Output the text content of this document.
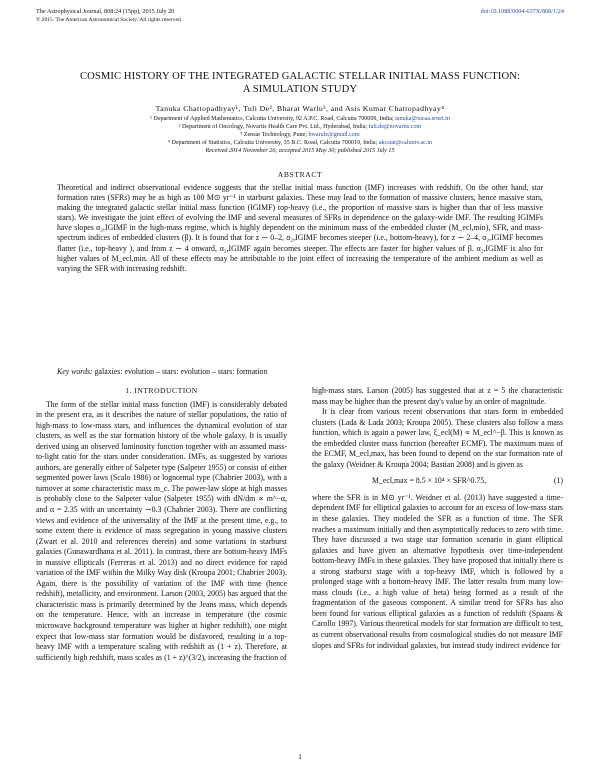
The Astrophysical Journal, 808:24 (15pp), 2015 July 20	doi:10.1088/0004-637X/808/1/24
© 2015. The American Astronomical Society. All rights reserved.
COSMIC HISTORY OF THE INTEGRATED GALACTIC STELLAR INITIAL MASS FUNCTION:
A SIMULATION STUDY
Tanuka Chattopadhyay¹, Tuli De², Bharat Warlu³, and Asis Kumar Chattopadhyay⁴
¹ Department of Applied Mathematics, Calcutta University, 92 A.P.C. Road, Calcutta 700009, India; tanuka@iucaa.ernet.in
² Department of Oncology, Novartis Health Care Pvt. Ltd., Hyderabad, India; tuli.de@novartis.com
³ Zensar Technology, Pune; bwarule@gmail.com
⁴ Department of Statistics, Calcutta University, 35 B.C. Road, Calcutta 700019, India; akcstat@caluniv.ac.in
Received 2014 November 26; accepted 2015 May 30; published 2015 July 15
ABSTRACT

Theoretical and indirect observational evidence suggests that the stellar initial mass function (IMF) increases with redshift. On the other hand, star formation rates (SFRs) may be as high as 100 M⊙ yr⁻¹ in starburst galaxies. These may lead to the formation of massive clusters, hence massive stars, making the integrated galactic stellar initial mass function (IGIMF) top-heavy (i.e., the proportion of massive stars is higher than that of less massive stars). We investigate the joint effect of evolving the IMF and several measures of SFRs in dependence on the galaxy-wide IMF. The resulting IGIMFs have slopes α₂,IGIMF in the high-mass regime, which is highly dependent on the minimum mass of the embedded cluster (M_ecl,min), SFR, and mass-spectrum indices of embedded clusters (β). It is found that for z ∼ 0–2, α₂,IGIMF becomes steeper (i.e., bottom-heavy), for z ∼ 2–4, α₂,IGIMF becomes flatter (i.e., top-heavy ), and from z ∼ 4 onward, α₂,IGIMF again becomes steeper. The effects are faster for higher values of β. α₂,IGIMF is also for higher values of M_ecl,min. All of these effects may be attributable to the joint effect of increasing the temperature of the ambient medium as well as varying the SFR with increasing redshift.

Key words: galaxies: evolution – stars: evolution – stars: formation
1. INTRODUCTION

The form of the stellar initial mass function (IMF) is considerably debated in the present era, as it describes the nature of stellar populations, the ratio of high-mass to low-mass stars, and influences the dynamical evolution of star clusters, as well as the star formation history of the whole galaxy. It is usually derived using an observed luminosity function together with an assumed mass-to-light ratio for the stars under consideration. IMFs, as suggested by various authors, are generally either of Salpeter type (Salpeter 1955) or consist of either segmented power laws (Scalo 1986) or lognormal type (Chabrier 2003), with a turnover at some characteristic mass m_c. The power-law slope at high masses is probably close to the Salpeter value (Salpeter 1955) with dN/dm ∝ m^−α, and α = 2.35 with an uncertainty ∼0.3 (Chabrier 2003). There are conflicting views and evidence of the universality of the IMF at the present time, e.g., to some extent there is evidence of mass segregation in young massive clusters (Zwart et al. 2010 and references therein) and some variations in starburst galaxies (Gunawardhana et al. 2011). In contrast, there are bottom-heavy IMFs in massive ellipticals (Ferreras et al. 2013) and no direct evidence for rapid variation of the IMF within the Milky Way disk (Kroupa 2001; Chabrier 2003). Again, there is the possibility of variation of the IMF with time (hence redshift), metallicity, and environment. Larson (2003, 2005) has argued that the characteristic mass is primarily determined by the Jeans mass, which depends on the temperature. Hence, with an increase in temperature (the cosmic microwave background temperature was higher at higher redshift), one might expect that low-mass star formation would be disfavored, resulting in a top-heavy IMF with a temperature scaling with redshift as (1 + z). Therefore, at sufficiently high redshift, mass scales as (1 + z)^(3/2), increasing the fraction of

high-mass stars. Larson (2005) has suggested that at z = 5 the characteristic mass may be higher than the present day's value by an order of magnitude.

It is clear from various recent observations that stars form in embedded clusters (Lada & Lada 2003; Kroupa 2005). These clusters also follow a mass function, which is again a power law, ξ_ecl(M) ∝ M_ecl^−β. This is known as the embedded cluster mass function (hereafter ECMF). The maximum mass of the ECMF, M_ecl,max, has been found to depend on the star formation rate of the galaxy (Weidner & Kroupa 2004; Bastian 2008) and is given as

M_ecl,max = 8.5 × 10⁴ × SFR^0.75,	(1)

where the SFR is in M⊙ yr⁻¹. Weidner et al. (2013) have suggested a time-dependent IMF for elliptical galaxies to account for an excess of low-mass stars in these galaxies. They modeled the SFR as a function of time. The SFR reaches a maximum initially and then asymptotically reduces to zero with time. They have discussed a two stage star formation scenario in giant elliptical galaxies and have given an alternative hypothesis over time-independent bottom-heavy IMFs in these galaxies. They have proposed that initially there is a strong starburst stage with a top-heavy IMF, which is followed by a prolonged stage with a bottom-heavy IMF. The latter results from many low-mass clouds (i.e., a high value of beta) being formed as a result of the fragmentation of the gaseous component. A similar trend for SFRs has also been found for various elliptical galaxies as a function of redshift (Spaans & Carollo 1997). Various theoretical models for star formation are difficult to test, as current observational results from cosmological studies do not measure IMF slopes and SFRs for individual galaxies, but instead study indirect evidence for

1
